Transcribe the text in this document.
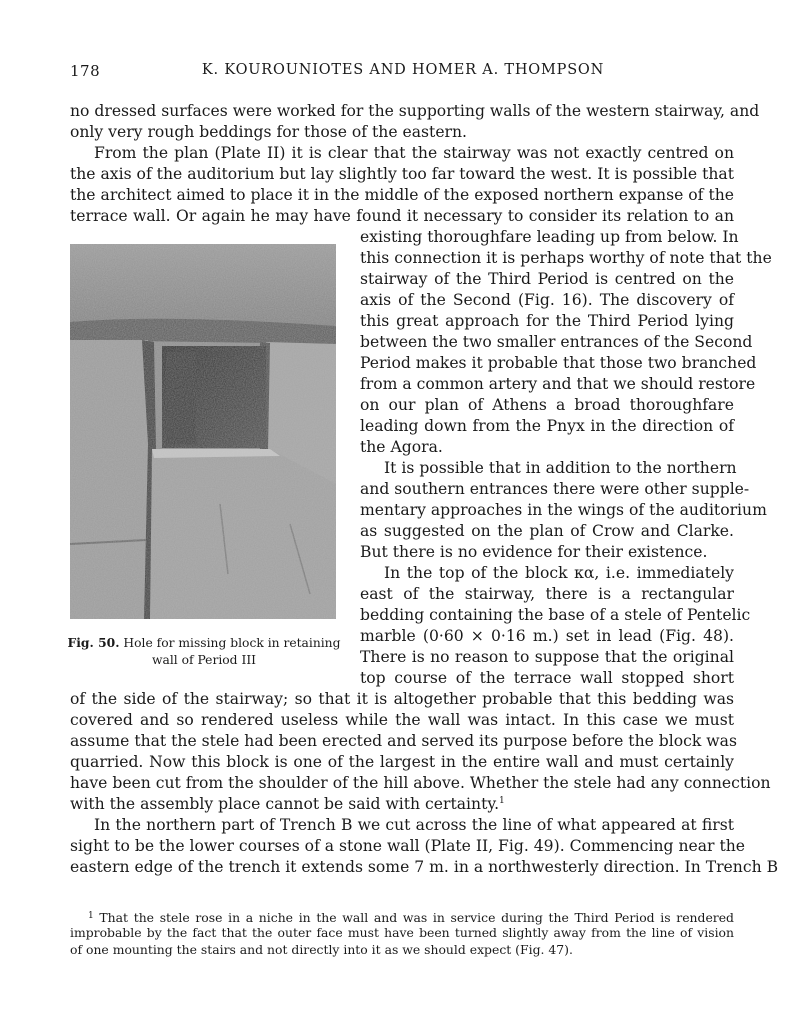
178	K. KOUROUNIOTES AND HOMER A. THOMPSON
no dressed surfaces were worked for the supporting walls of the western stairway, and
only very rough beddings for those of the eastern.
From the plan (Plate II) it is clear that the stairway was not exactly centred on
the axis of the auditorium but lay slightly too far toward the west. It is possible that
the architect aimed to place it in the middle of the exposed northern expanse of the
terrace wall. Or again he may have found it necessary to consider its relation to an
existing thoroughfare leading up from below. In
this connection it is perhaps worthy of note that the
stairway of the Third Period is centred on the
axis of the Second (Fig. 16). The discovery of
this great approach for the Third Period lying
between the two smaller entrances of the Second
Period makes it probable that those two branched
from a common artery and that we should restore
on our plan of Athens a broad thoroughfare
leading down from the Pnyx in the direction of
the Agora.
It is possible that in addition to the northern
and southern entrances there were other supple-
mentary approaches in the wings of the auditorium
as suggested on the plan of Crow and Clarke.
But there is no evidence for their existence.
In the top of the block κα, i.e. immediately
east of the stairway, there is a rectangular
bedding containing the base of a stele of Pentelic
marble (0·60 × 0·16 m.) set in lead (Fig. 48).
There is no reason to suppose that the original
top course of the terrace wall stopped short
of the side of the stairway; so that it is altogether probable that this bedding was
covered and so rendered useless while the wall was intact. In this case we must
assume that the stele had been erected and served its purpose before the block was
quarried. Now this block is one of the largest in the entire wall and must certainly
have been cut from the shoulder of the hill above. Whether the stele had any connection
with the assembly place cannot be said with certainty.$^1$
In the northern part of Trench B we cut across the line of what appeared at first
sight to be the lower courses of a stone wall (Plate II, Fig. 49). Commencing near the
eastern edge of the trench it extends some 7 m. in a northwesterly direction. In Trench B
Fig. 50. Hole for missing block in retaining
wall of Period III
$^1$ That the stele rose in a niche in the wall and was in service during the Third Period is rendered
improbable by the fact that the outer face must have been turned slightly away from the line of vision
of one mounting the stairs and not directly into it as we should expect (Fig. 47).
